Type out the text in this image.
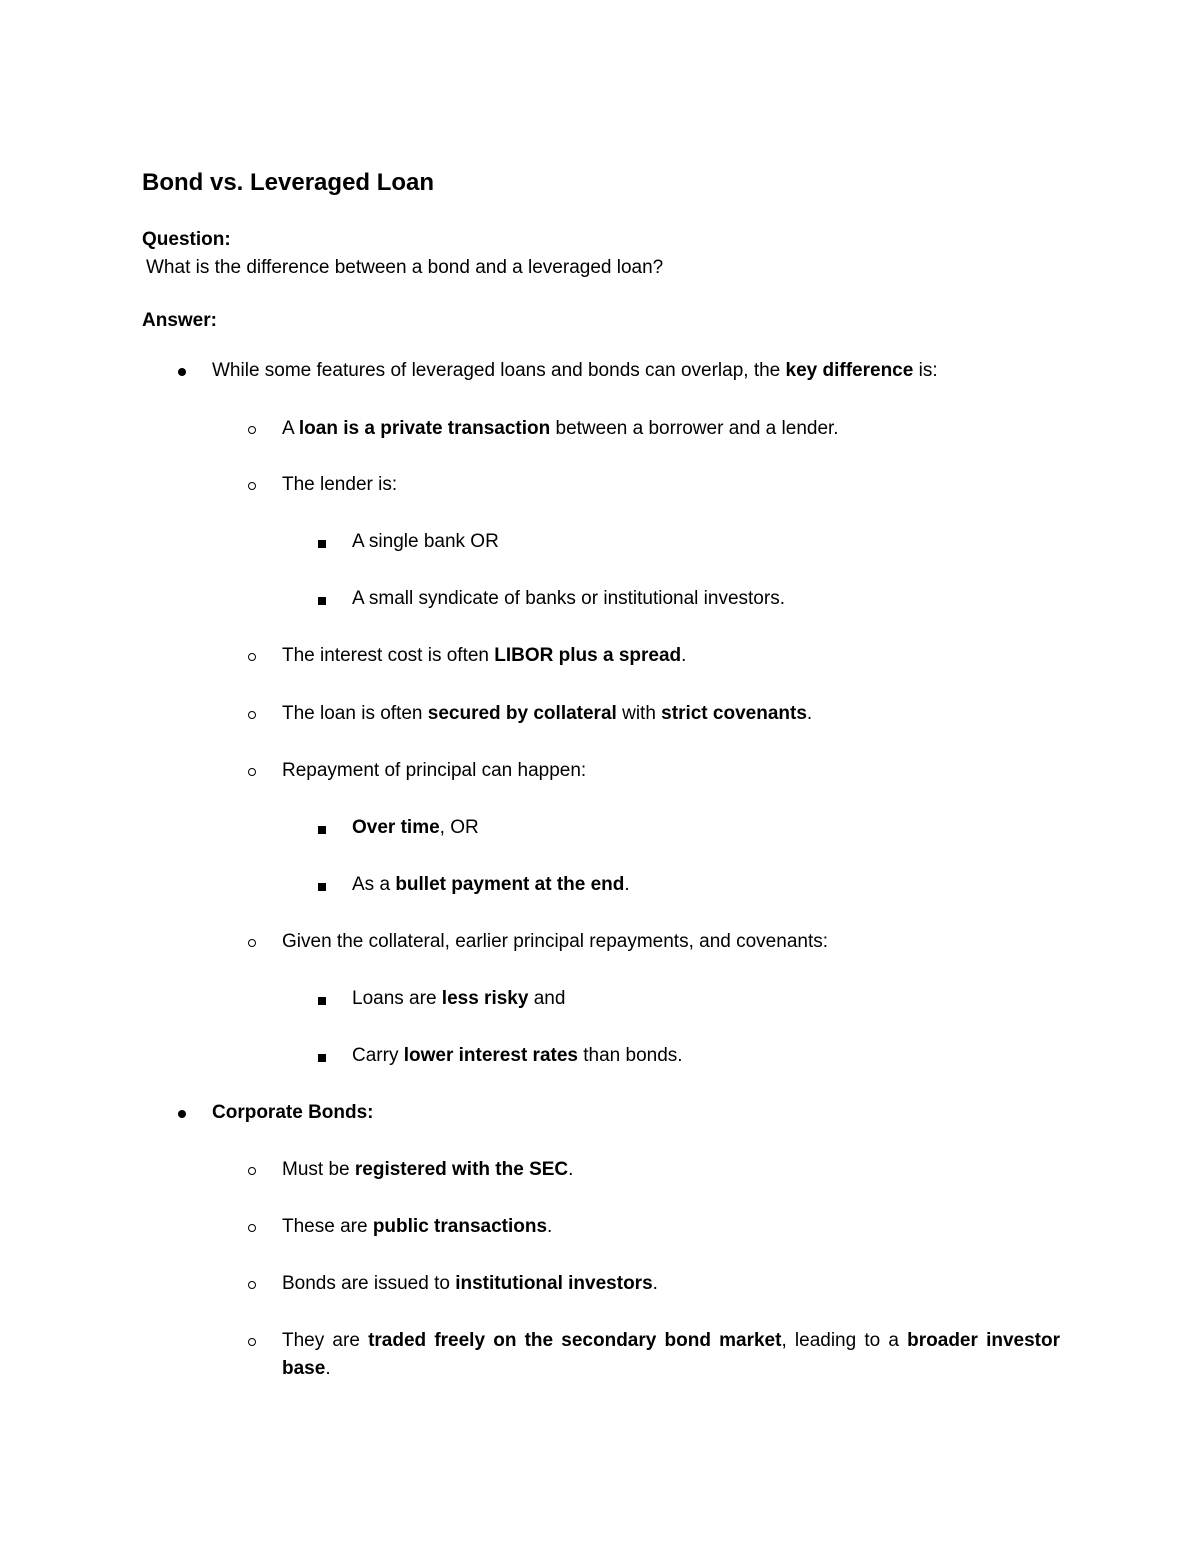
Bond vs. Leveraged Loan

Question:

What is the difference between a bond and a leveraged loan?

Answer:

While some features of leveraged loans and bonds can overlap, the key difference is:

A loan is a private transaction between a borrower and a lender.

The lender is:

A single bank OR

A small syndicate of banks or institutional investors.

The interest cost is often LIBOR plus a spread.

The loan is often secured by collateral with strict covenants.

Repayment of principal can happen:

Over time, OR

As a bullet payment at the end.

Given the collateral, earlier principal repayments, and covenants:

Loans are less risky and

Carry lower interest rates than bonds.

Corporate Bonds:

Must be registered with the SEC.

These are public transactions.

Bonds are issued to institutional investors.

They are traded freely on the secondary bond market, leading to a broader investor base.
